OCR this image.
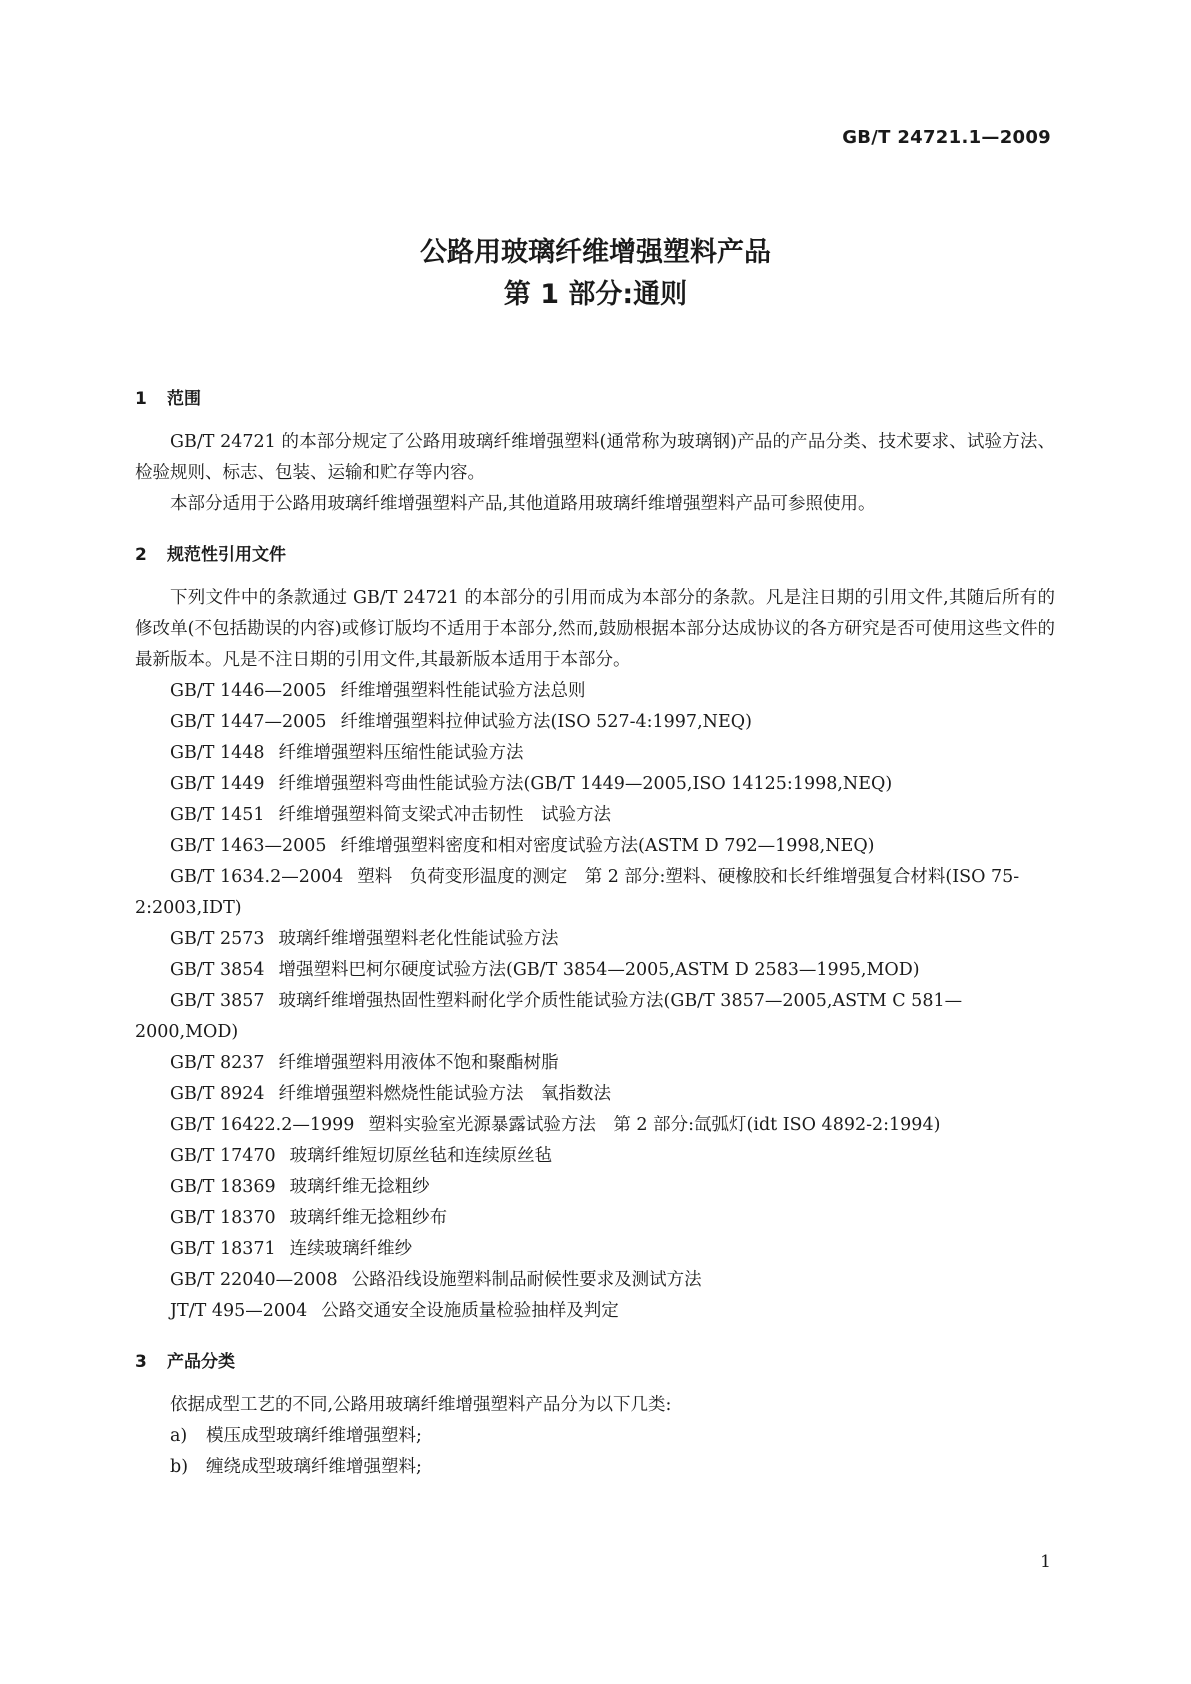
GB/T 24721.1—2009
公路用玻璃纤维增强塑料产品
第 1 部分:通则
1 范围

GB/T 24721 的本部分规定了公路用玻璃纤维增强塑料(通常称为玻璃钢)产品的产品分类、技术要求、试验方法、检验规则、标志、包装、运输和贮存等内容。

本部分适用于公路用玻璃纤维增强塑料产品,其他道路用玻璃纤维增强塑料产品可参照使用。

2 规范性引用文件

下列文件中的条款通过 GB/T 24721 的本部分的引用而成为本部分的条款。凡是注日期的引用文件,其随后所有的修改单(不包括勘误的内容)或修订版均不适用于本部分,然而,鼓励根据本部分达成协议的各方研究是否可使用这些文件的最新版本。凡是不注日期的引用文件,其最新版本适用于本部分。

GB/T 1446—2005 纤维增强塑料性能试验方法总则

GB/T 1447—2005 纤维增强塑料拉伸试验方法(ISO 527-4:1997,NEQ)

GB/T 1448 纤维增强塑料压缩性能试验方法

GB/T 1449 纤维增强塑料弯曲性能试验方法(GB/T 1449—2005,ISO 14125:1998,NEQ)

GB/T 1451 纤维增强塑料简支梁式冲击韧性　试验方法

GB/T 1463—2005 纤维增强塑料密度和相对密度试验方法(ASTM D 792—1998,NEQ)

GB/T 1634.2—2004 塑料　负荷变形温度的测定　第 2 部分:塑料、硬橡胶和长纤维增强复合材料(ISO 75-2:2003,IDT)

GB/T 2573 玻璃纤维增强塑料老化性能试验方法

GB/T 3854 增强塑料巴柯尔硬度试验方法(GB/T 3854—2005,ASTM D 2583—1995,MOD)

GB/T 3857 玻璃纤维增强热固性塑料耐化学介质性能试验方法(GB/T 3857—2005,ASTM C 581—2000,MOD)

GB/T 8237 纤维增强塑料用液体不饱和聚酯树脂

GB/T 8924 纤维增强塑料燃烧性能试验方法　氧指数法

GB/T 16422.2—1999 塑料实验室光源暴露试验方法　第 2 部分:氙弧灯(idt ISO 4892-2:1994)

GB/T 17470 玻璃纤维短切原丝毡和连续原丝毡

GB/T 18369 玻璃纤维无捻粗纱

GB/T 18370 玻璃纤维无捻粗纱布

GB/T 18371 连续玻璃纤维纱

GB/T 22040—2008 公路沿线设施塑料制品耐候性要求及测试方法

JT/T 495—2004 公路交通安全设施质量检验抽样及判定

3 产品分类

依据成型工艺的不同,公路用玻璃纤维增强塑料产品分为以下几类:

a) 模压成型玻璃纤维增强塑料;

b) 缠绕成型玻璃纤维增强塑料;

1
